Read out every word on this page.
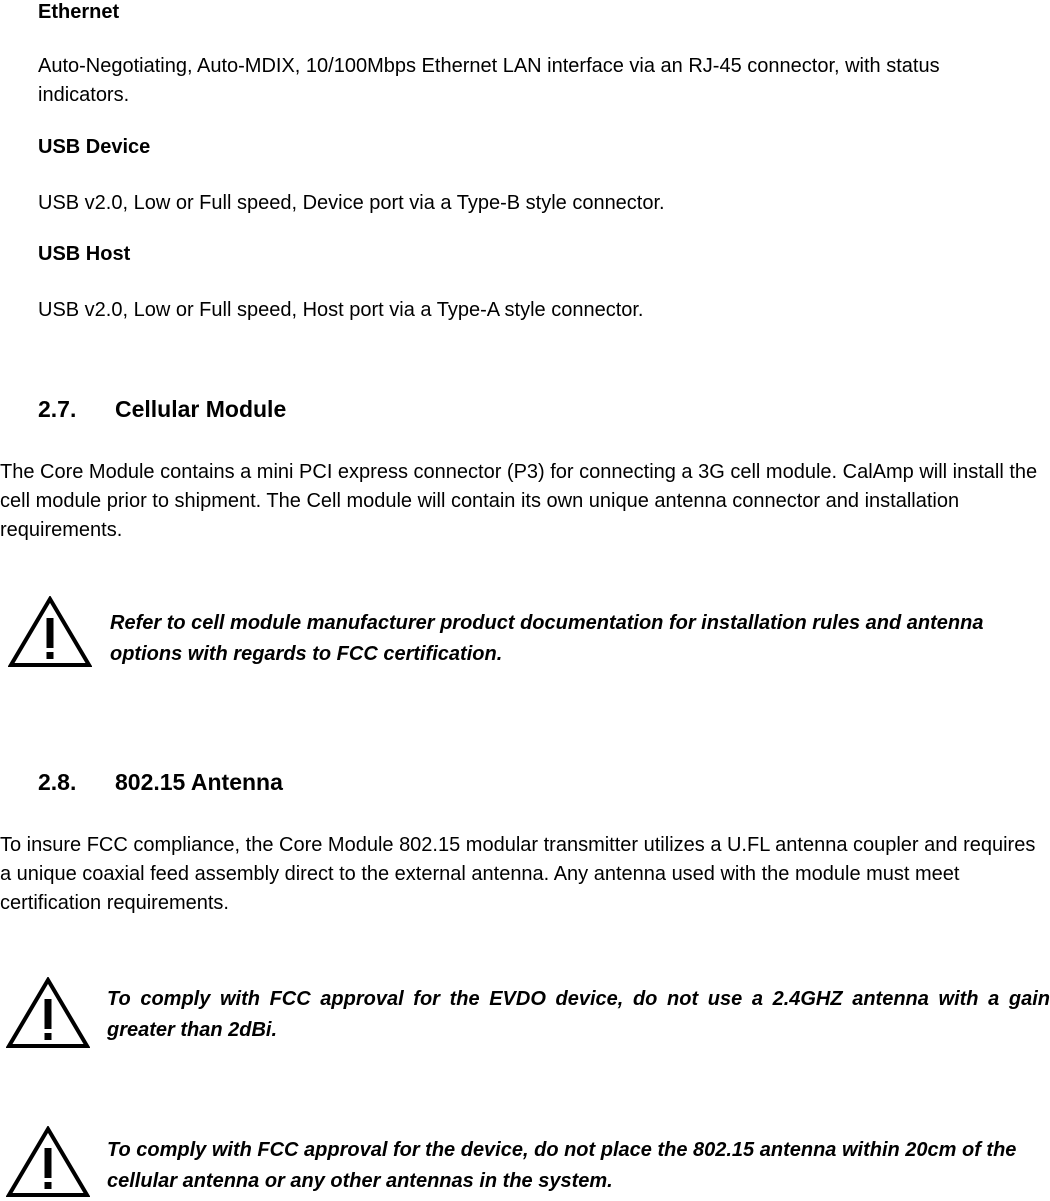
Ethernet
Auto-Negotiating, Auto-MDIX, 10/100Mbps Ethernet LAN interface via an RJ-45 connector, with status indicators.
USB Device
USB v2.0, Low or Full speed, Device port via a Type-B style connector.
USB Host
USB v2.0, Low or Full speed, Host port via a Type-A style connector.
2.7.	Cellular Module
The Core Module contains a mini PCI express connector (P3) for connecting a 3G cell module. CalAmp will install the cell module prior to shipment. The Cell module will contain its own unique antenna connector and installation requirements.
Refer to cell module manufacturer product documentation for installation rules and antenna options with regards to FCC certification.
2.8.	802.15 Antenna
To insure FCC compliance, the Core Module 802.15 modular transmitter utilizes a U.FL antenna coupler and requires a unique coaxial feed assembly direct to the external antenna. Any antenna used with the module must meet certification requirements.
To comply with FCC approval for the EVDO device, do not use a 2.4GHZ antenna with a gain greater than 2dBi.
To comply with FCC approval for the device, do not place the 802.15 antenna within 20cm of the cellular antenna or any other antennas in the system.
